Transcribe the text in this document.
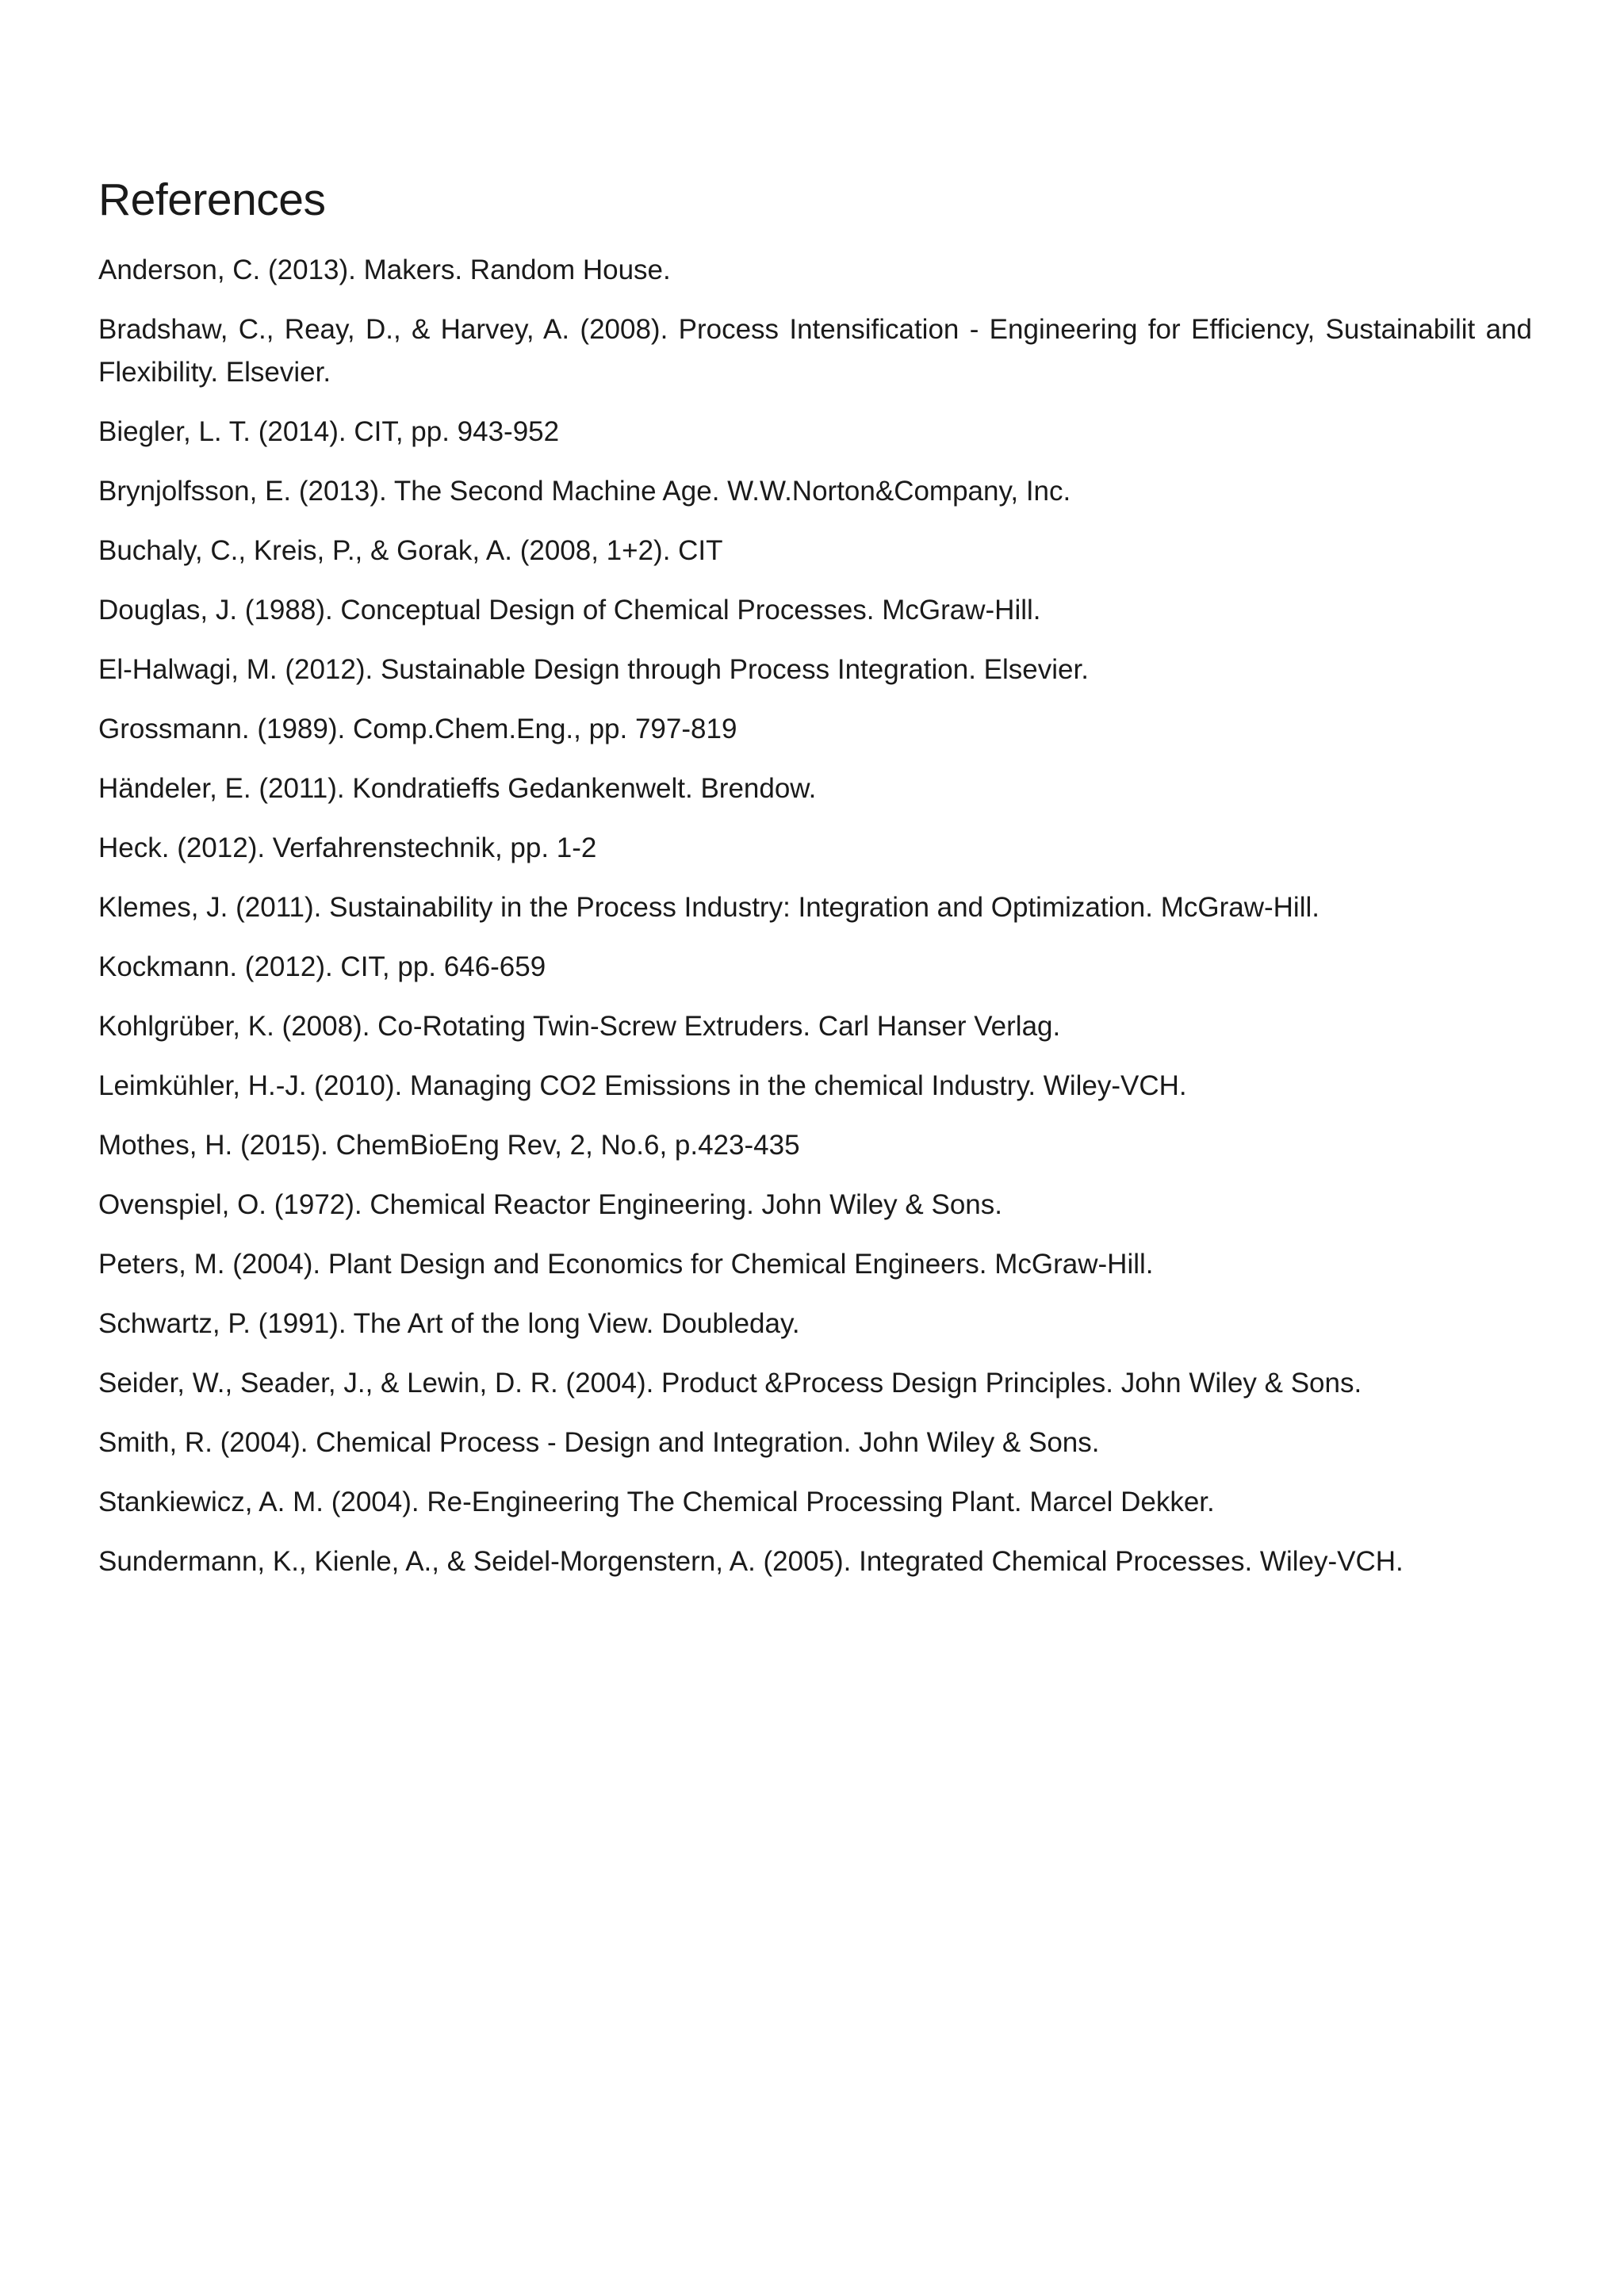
References
Anderson, C. (2013). Makers. Random House.
Bradshaw, C., Reay, D., & Harvey, A. (2008). Process Intensification - Engineering for Efficiency, Sustainabilit and Flexibility. Elsevier.
Biegler, L. T. (2014). CIT, pp. 943-952
Brynjolfsson, E. (2013). The Second Machine Age. W.W.Norton&Company, Inc.
Buchaly, C., Kreis, P., & Gorak, A. (2008, 1+2). CIT
Douglas, J. (1988). Conceptual Design of Chemical Processes. McGraw-Hill.
El-Halwagi, M. (2012). Sustainable Design through Process Integration. Elsevier.
Grossmann. (1989). Comp.Chem.Eng., pp. 797-819
Händeler, E. (2011). Kondratieffs Gedankenwelt. Brendow.
Heck. (2012). Verfahrenstechnik, pp. 1-2
Klemes, J. (2011). Sustainability in the Process Industry: Integration and Optimization. McGraw-Hill.
Kockmann. (2012). CIT, pp. 646-659
Kohlgrüber, K. (2008). Co-Rotating Twin-Screw Extruders. Carl Hanser Verlag.
Leimkühler, H.-J. (2010). Managing CO2 Emissions in the chemical Industry. Wiley-VCH.
Mothes, H. (2015). ChemBioEng Rev, 2, No.6, p.423-435
Ovenspiel, O. (1972). Chemical Reactor Engineering. John Wiley & Sons.
Peters, M. (2004). Plant Design and Economics for Chemical Engineers. McGraw-Hill.
Schwartz, P. (1991). The Art of the long View. Doubleday.
Seider, W., Seader, J., & Lewin, D. R. (2004). Product &Process Design Principles. John Wiley & Sons.
Smith, R. (2004). Chemical Process - Design and Integration. John Wiley & Sons.
Stankiewicz, A. M. (2004). Re-Engineering The Chemical Processing Plant. Marcel Dekker.
Sundermann, K., Kienle, A., & Seidel-Morgenstern, A. (2005). Integrated Chemical Processes. Wiley-VCH.
